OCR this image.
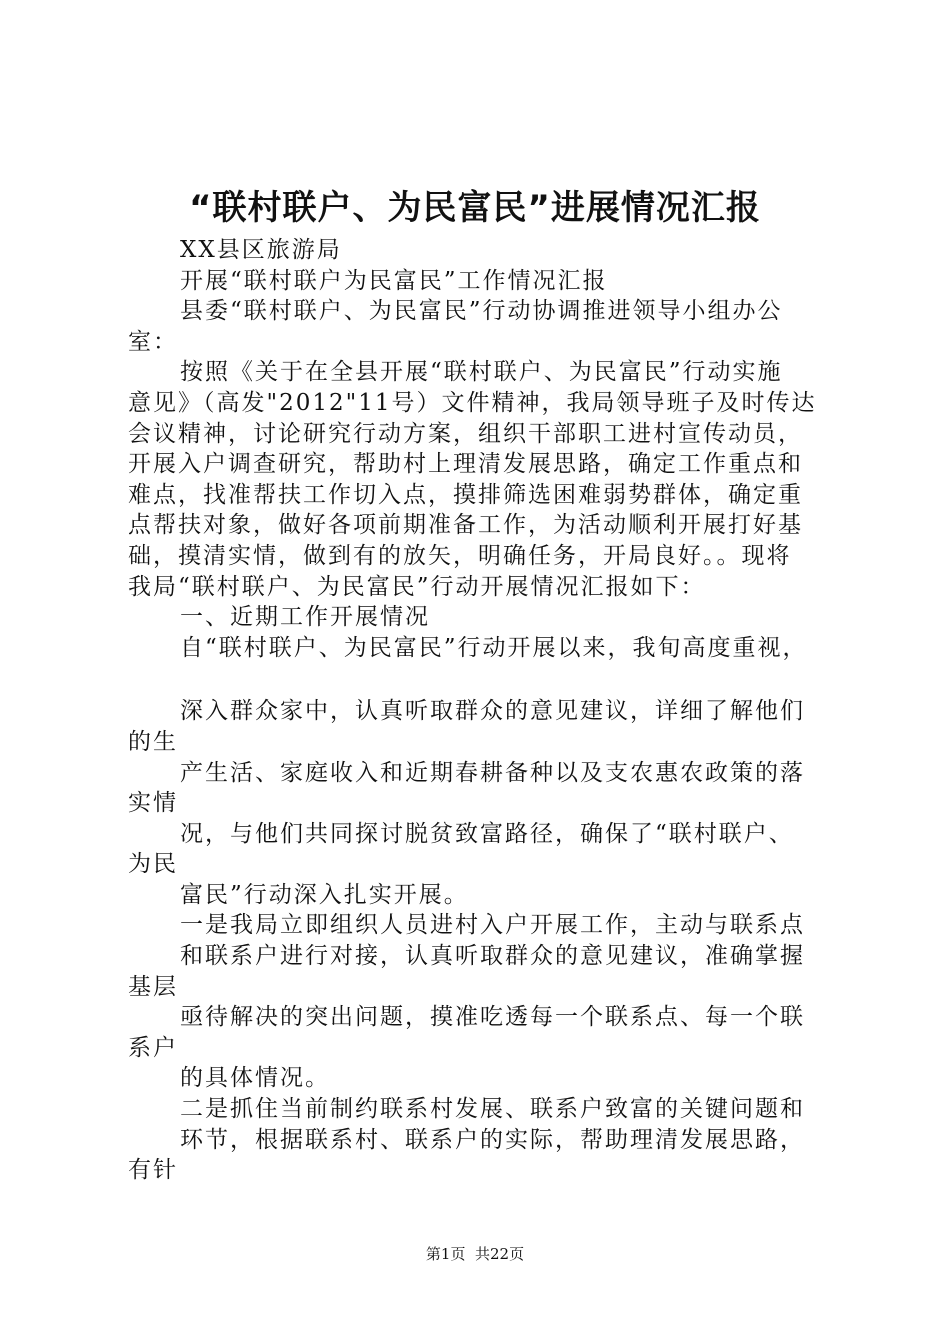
“联村联户、为民富民”进展情况汇报
XX县区旅游局
开展“联村联户为民富民”工作情况汇报
县委“联村联户、为民富民”行动协调推进领导小组办公
室：
按照《关于在全县开展“联村联户、为民富民”行动实施
意见》（高发"2012"11号）文件精神，我局领导班子及时传达
会议精神，讨论研究行动方案，组织干部职工进村宣传动员，
开展入户调查研究，帮助村上理清发展思路，确定工作重点和
难点，找准帮扶工作切入点，摸排筛选困难弱势群体，确定重
点帮扶对象，做好各项前期准备工作，为活动顺利开展打好基
础，摸清实情，做到有的放矢，明确任务，开局良好。。现将
我局“联村联户、为民富民”行动开展情况汇报如下：
一、近期工作开展情况
自“联村联户、为民富民”行动开展以来，我旬高度重视，
深入群众家中，认真听取群众的意见建议，详细了解他们
的生
产生活、家庭收入和近期春耕备种以及支农惠农政策的落
实情
况，与他们共同探讨脱贫致富路径，确保了“联村联户、
为民
富民”行动深入扎实开展。
一是我局立即组织人员进村入户开展工作，主动与联系点
和联系户进行对接，认真听取群众的意见建议，准确掌握
基层
亟待解决的突出问题，摸准吃透每一个联系点、每一个联
系户
的具体情况。
二是抓住当前制约联系村发展、联系户致富的关键问题和
环节，根据联系村、联系户的实际，帮助理清发展思路，
有针
第1页  共22页
